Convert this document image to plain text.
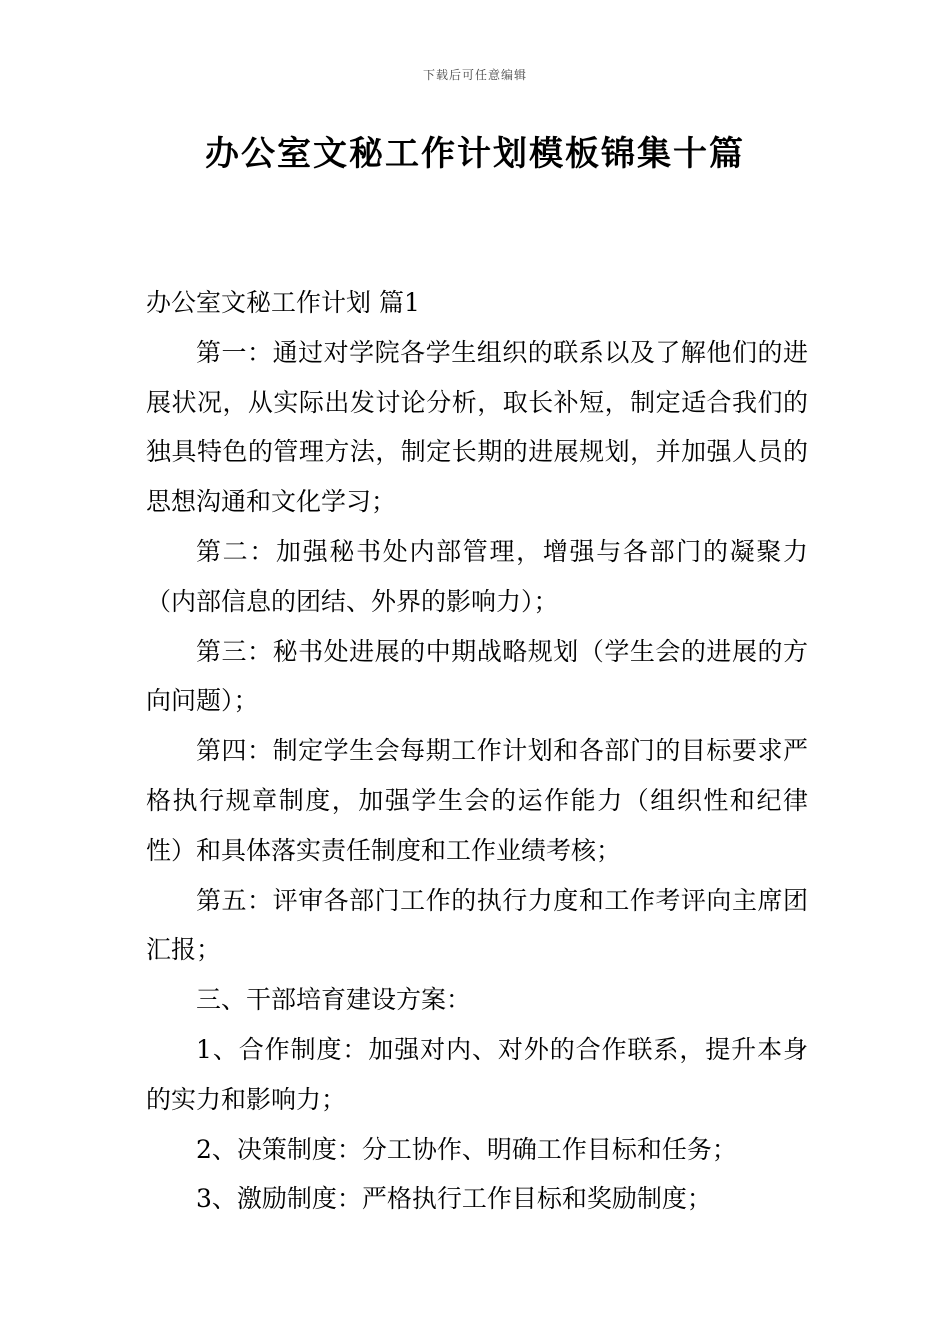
下载后可任意编辑
办公室文秘工作计划模板锦集十篇

办公室文秘工作计划 篇1

第一：通过对学院各学生组织的联系以及了解他们的进展状况，从实际出发讨论分析，取长补短，制定适合我们的独具特色的管理方法，制定长期的进展规划，并加强人员的思想沟通和文化学习；

第二：加强秘书处内部管理，增强与各部门的凝聚力（内部信息的团结、外界的影响力）；

第三：秘书处进展的中期战略规划（学生会的进展的方向问题）；

第四：制定学生会每期工作计划和各部门的目标要求严格执行规章制度，加强学生会的运作能力（组织性和纪律性）和具体落实责任制度和工作业绩考核；

第五：评审各部门工作的执行力度和工作考评向主席团汇报；

三、干部培育建设方案：

1、合作制度：加强对内、对外的合作联系，提升本身的实力和影响力；

2、决策制度：分工协作、明确工作目标和任务；

3、激励制度：严格执行工作目标和奖励制度；
